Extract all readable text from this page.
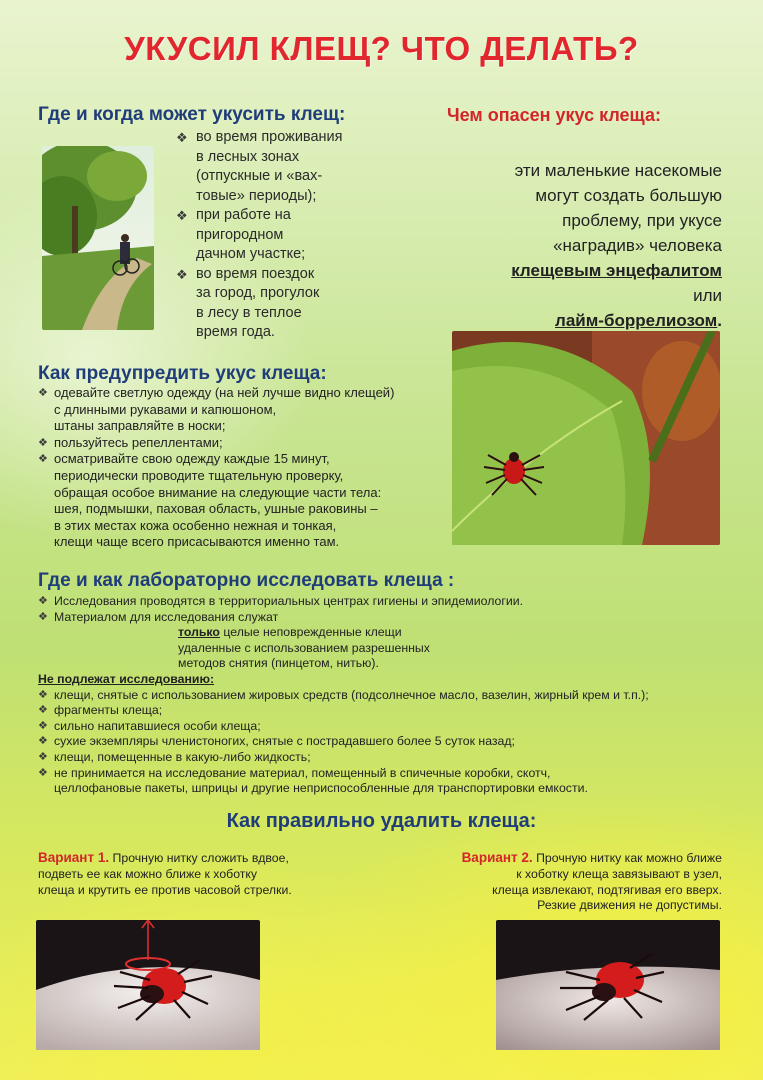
УКУСИЛ КЛЕЩ? ЧТО ДЕЛАТЬ?
Где и когда может укусить клещ:
❖ во время проживания
в лесных зонах
(отпускные и «вах-
товые» периоды);
❖ при работе на
пригородном
дачном участке;
❖ во время поездок
за город, прогулок
в лесу в теплое
время года.
Чем опасен укус клеща:
эти маленькие насекомые
могут создать большую
проблему, при укусе
«наградив» человека
клещевым энцефалитом
или
лайм-боррелиозом.
Как предупредить укус клеща:
❖ одевайте светлую одежду (на ней лучше видно клещей)
с длинными рукавами и капюшоном,
штаны заправляйте в носки;
❖ пользуйтесь репеллентами;
❖ осматривайте свою одежду каждые 15 минут,
периодически проводите тщательную проверку,
обращая особое внимание на следующие части тела:
шея, подмышки, паховая область, ушные раковины –
в этих местах кожа особенно нежная и тонкая,
клещи чаще всего присасываются именно там.
Где и как лабораторно исследовать клеща :
❖ Исследования проводятся в территориальных центрах гигиены и эпидемиологии.
❖ Материалом для исследования служат
только целые неповрежденные клещи
удаленные с использованием разрешенных
методов снятия (пинцетом, нитью).
Не подлежат исследованию:
❖ клещи, снятые с использованием жировых средств (подсолнечное масло, вазелин, жирный крем и т.п.);
❖ фрагменты клеща;
❖ сильно напитавшиеся особи клеща;
❖ сухие экземпляры членистоногих, снятые с пострадавшего более 5 суток назад;
❖ клещи, помещенные в какую-либо жидкость;
❖ не принимается на исследование материал, помещенный в спичечные коробки, скотч,
целлофановые пакеты, шприцы и другие неприспособленные для транспортировки емкости.
Как правильно удалить клеща:
Вариант 1. Прочную нитку сложить вдвое,
подветь ее как можно ближе к хоботку
клеща и крутить ее против часовой стрелки.
Вариант 2. Прочную нитку как можно ближе
к хоботку клеща завязывают в узел,
клеща извлекают, подтягивая его вверх.
Резкие движения не допустимы.
